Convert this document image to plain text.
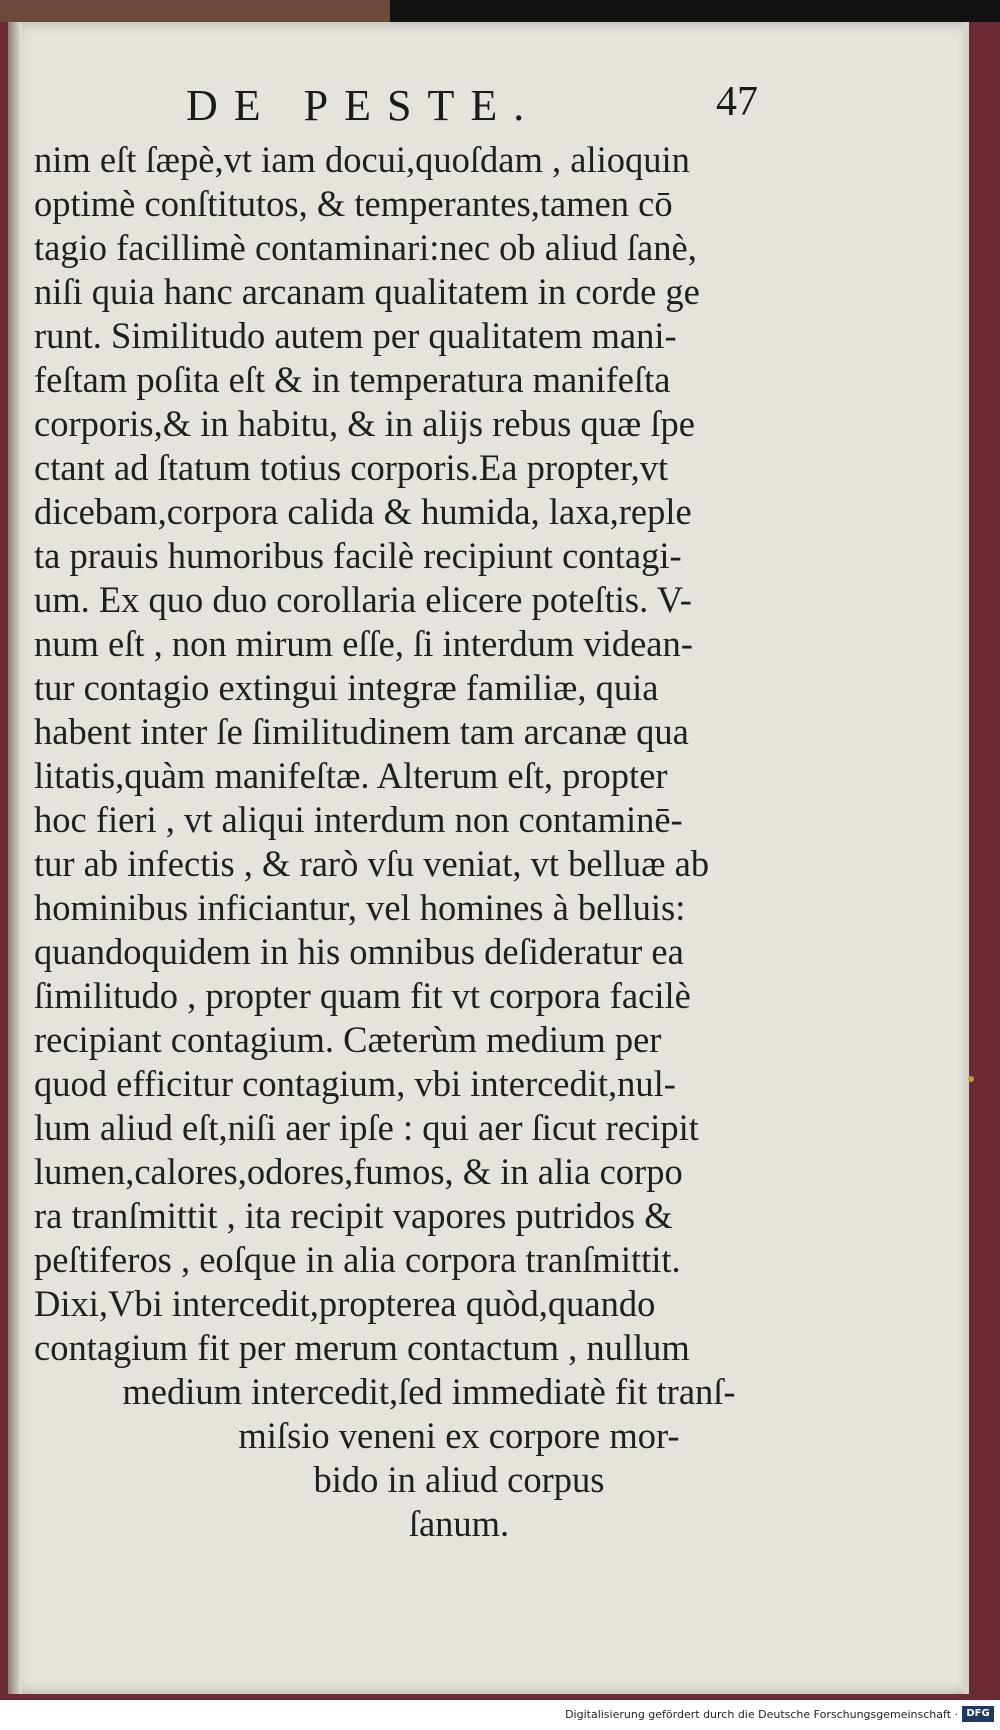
DE PESTE.	47
nim eſt ſæpè,vt iam docui,quoſdam , alioquin
optimè conſtitutos, & temperantes,tamen cō
tagio facillimè contaminari:nec ob aliud ſanè,
niſi quia hanc arcanam qualitatem in corde ge
runt. Similitudo autem per qualitatem mani-
feſtam poſita eſt & in temperatura manifeſta
corporis,& in habitu, & in alijs rebus quæ ſpe
ctant ad ſtatum totius corporis.Ea propter,vt
dicebam,corpora calida & humida, laxa,reple
ta prauis humoribus facilè recipiunt contagi-
um. Ex quo duo corollaria elicere poteſtis. V-
num eſt , non mirum eſſe, ſi interdum videan-
tur contagio extingui integræ familiæ, quia
habent inter ſe ſimilitudinem tam arcanæ qua
litatis,quàm manifeſtæ. Alterum eſt, propter
hoc fieri , vt aliqui interdum non contaminē-
tur ab infectis , & rarò vſu veniat, vt belluæ ab
hominibus inficiantur, vel homines à belluis:
quandoquidem in his omnibus deſideratur ea
ſimilitudo , propter quam fit vt corpora facilè
recipiant contagium. Cæterùm medium per
quod efficitur contagium, vbi intercedit,nul-
lum aliud eſt,niſi aer ipſe : qui aer ſicut recipit
lumen,calores,odores,fumos, & in alia corpo
ra tranſmittit , ita recipit vapores putridos &
peſtiferos , eoſque in alia corpora tranſmittit.
Dixi,Vbi intercedit,propterea quòd,quando
contagium fit per merum contactum , nullum
medium intercedit,ſed immediatè fit tranſ-
miſsio veneni ex corpore mor-
bido in aliud corpus
ſanum.
Digitalisierung gefördert durch die Deutsche Forschungsgemeinschaft · DFG
